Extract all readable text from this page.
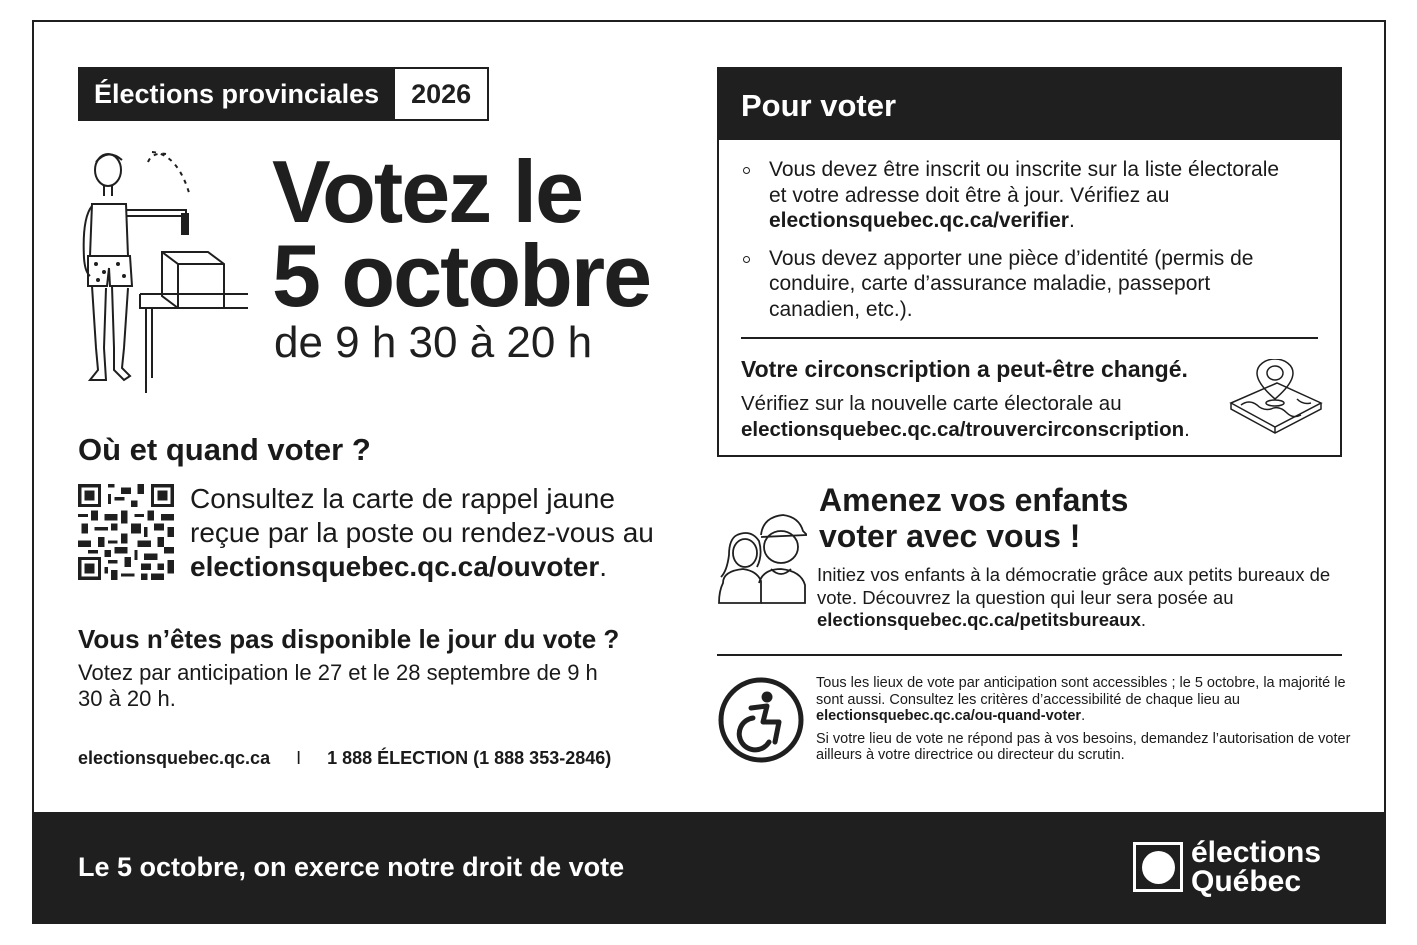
Élections provinciales	2026
Votez le
5 octobre
de 9 h 30 à 20 h
Où et quand voter ?
Consultez la carte de rappel jaune reçue par la poste ou rendez-vous au electionsquebec.qc.ca/ouvoter.
Vous n’êtes pas disponible le jour du vote ?
Votez par anticipation le 27 et le 28 septembre de 9 h 30 à 20 h.
electionsquebec.qc.ca I 1 888 ÉLECTION (1 888 353-2846)
Pour voter
Vous devez être inscrit ou inscrite sur la liste électorale et votre adresse doit être à jour. Vérifiez au electionsquebec.qc.ca/verifier.
Vous devez apporter une pièce d’identité (permis de conduire, carte d’assurance maladie, passeport canadien, etc.).
Votre circonscription a peut-être changé.
Vérifiez sur la nouvelle carte électorale au
electionsquebec.qc.ca/trouvercirconscription.
Amenez vos enfants
voter avec vous !
Initiez vos enfants à la démocratie grâce aux petits bureaux de vote. Découvrez la question qui leur sera posée au electionsquebec.qc.ca/petitsbureaux.

Tous les lieux de vote par anticipation sont accessibles ; le 5 octobre, la majorité le sont aussi. Consultez les critères d’accessibilité de chaque lieu au electionsquebec.qc.ca/ou-quand-voter.

Si votre lieu de vote ne répond pas à vos besoins, demandez l’autorisation de voter ailleurs à votre directrice ou directeur du scrutin.

Le 5 octobre, on exerce notre droit de vote	élections
Québec
